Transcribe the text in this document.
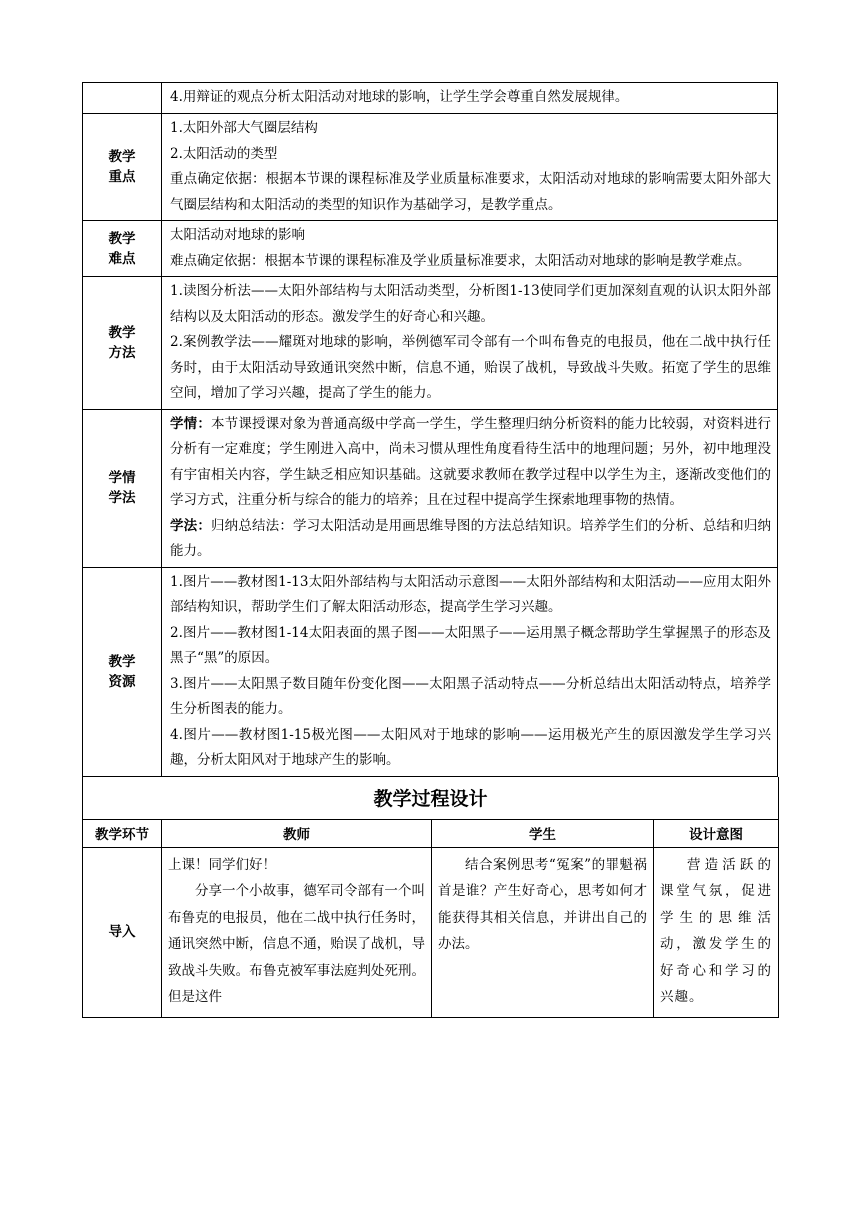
	4.用辩证的观点分析太阳活动对地球的影响，让学生学会尊重自然发展规律。

教学重点	1.太阳外部大气圈层结构

2.太阳活动的类型

重点确定依据：根据本节课的课程标准及学业质量标准要求，太阳活动对地球的影响需要太阳外部大气圈层结构和太阳活动的类型的知识作为基础学习，是教学重点。

教学难点	太阳活动对地球的影响

难点确定依据：根据本节课的课程标准及学业质量标准要求，太阳活动对地球的影响是教学难点。

教学方法	1.读图分析法——太阳外部结构与太阳活动类型，分析图1-13使同学们更加深刻直观的认识太阳外部结构以及太阳活动的形态。激发学生的好奇心和兴趣。

2.案例教学法——耀斑对地球的影响，举例德军司令部有一个叫布鲁克的电报员，他在二战中执行任务时，由于太阳活动导致通讯突然中断，信息不通，贻误了战机，导致战斗失败。拓宽了学生的思维空间，增加了学习兴趣，提高了学生的能力。

学情学法	学情：本节课授课对象为普通高级中学高一学生，学生整理归纳分析资料的能力比较弱，对资料进行分析有一定难度；学生刚进入高中，尚未习惯从理性角度看待生活中的地理问题；另外，初中地理没有宇宙相关内容，学生缺乏相应知识基础。这就要求教师在教学过程中以学生为主，逐渐改变他们的学习方式，注重分析与综合的能力的培养；且在过程中提高学生探索地理事物的热情。

学法：归纳总结法：学习太阳活动是用画思维导图的方法总结知识。培养学生们的分析、总结和归纳能力。

教学资源	1.图片——教材图1-13太阳外部结构与太阳活动示意图——太阳外部结构和太阳活动——应用太阳外部结构知识，帮助学生们了解太阳活动形态，提高学生学习兴趣。

2.图片——教材图1-14太阳表面的黑子图——太阳黑子——运用黑子概念帮助学生掌握黑子的形态及黑子“黑”的原因。

3.图片——太阳黑子数目随年份变化图——太阳黑子活动特点——分析总结出太阳活动特点，培养学生分析图表的能力。

4.图片——教材图1-15极光图——太阳风对于地球的影响——运用极光产生的原因激发学生学习兴趣，分析太阳风对于地球产生的影响。

教学过程设计			
教学环节	教师	学生	设计意图
导入	上课！同学们好！

分享一个小故事，德军司令部有一个叫布鲁克的电报员，他在二战中执行任务时，通讯突然中断，信息不通，贻误了战机，导致战斗失败。布鲁克被军事法庭判处死刑。但是这件	结合案例思考“冤案”的罪魁祸首是谁？产生好奇心，思考如何才能获得其相关信息，并讲出自己的办法。	营造活跃的课堂气氛，促进学生的思维活动，激发学生的好奇心和学习的兴趣。
